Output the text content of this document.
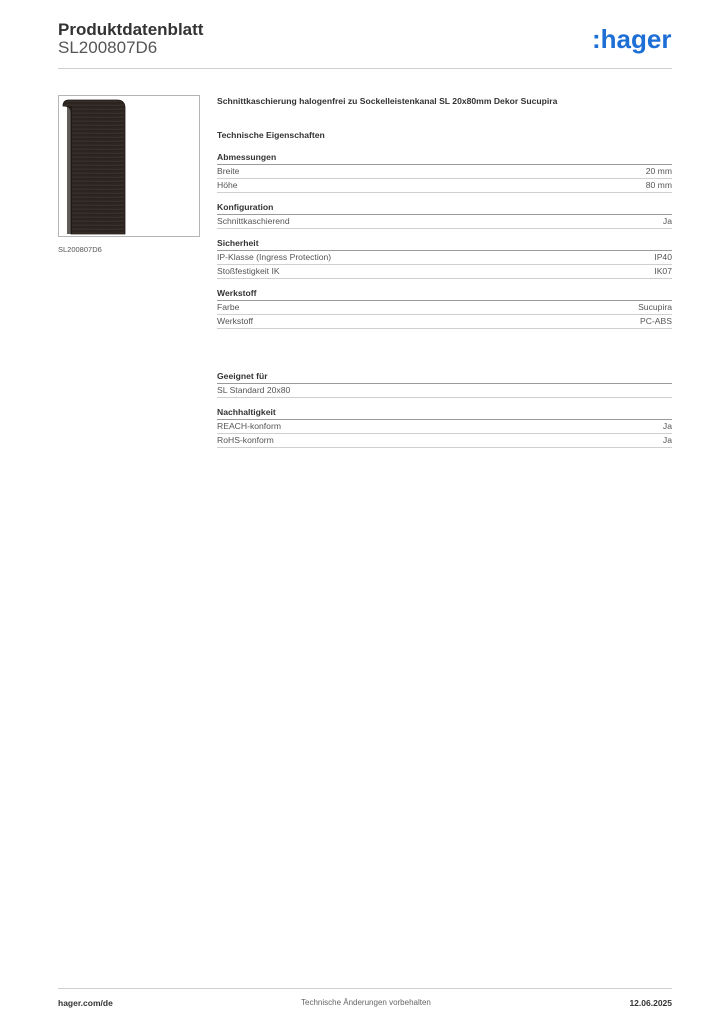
Produktdatenblatt
SL200807D6	:hager
SL200807D6
Schnittkaschierung halogenfrei zu Sockelleistenkanal SL 20x80mm Dekor Sucupira
Technische Eigenschaften
Abmessungen
Breite	20 mm
Höhe	80 mm
Konfiguration
Schnittkaschierend	Ja
Sicherheit
IP-Klasse (Ingress Protection)	IP40
Stoßfestigkeit IK	IK07
Werkstoff
Farbe	Sucupira
Werkstoff	PC-ABS
Geeignet für
SL Standard 20x80
Nachhaltigkeit
REACH-konform	Ja
RoHS-konform	Ja
hager.com/de	Technische Änderungen vorbehalten	12.06.2025
